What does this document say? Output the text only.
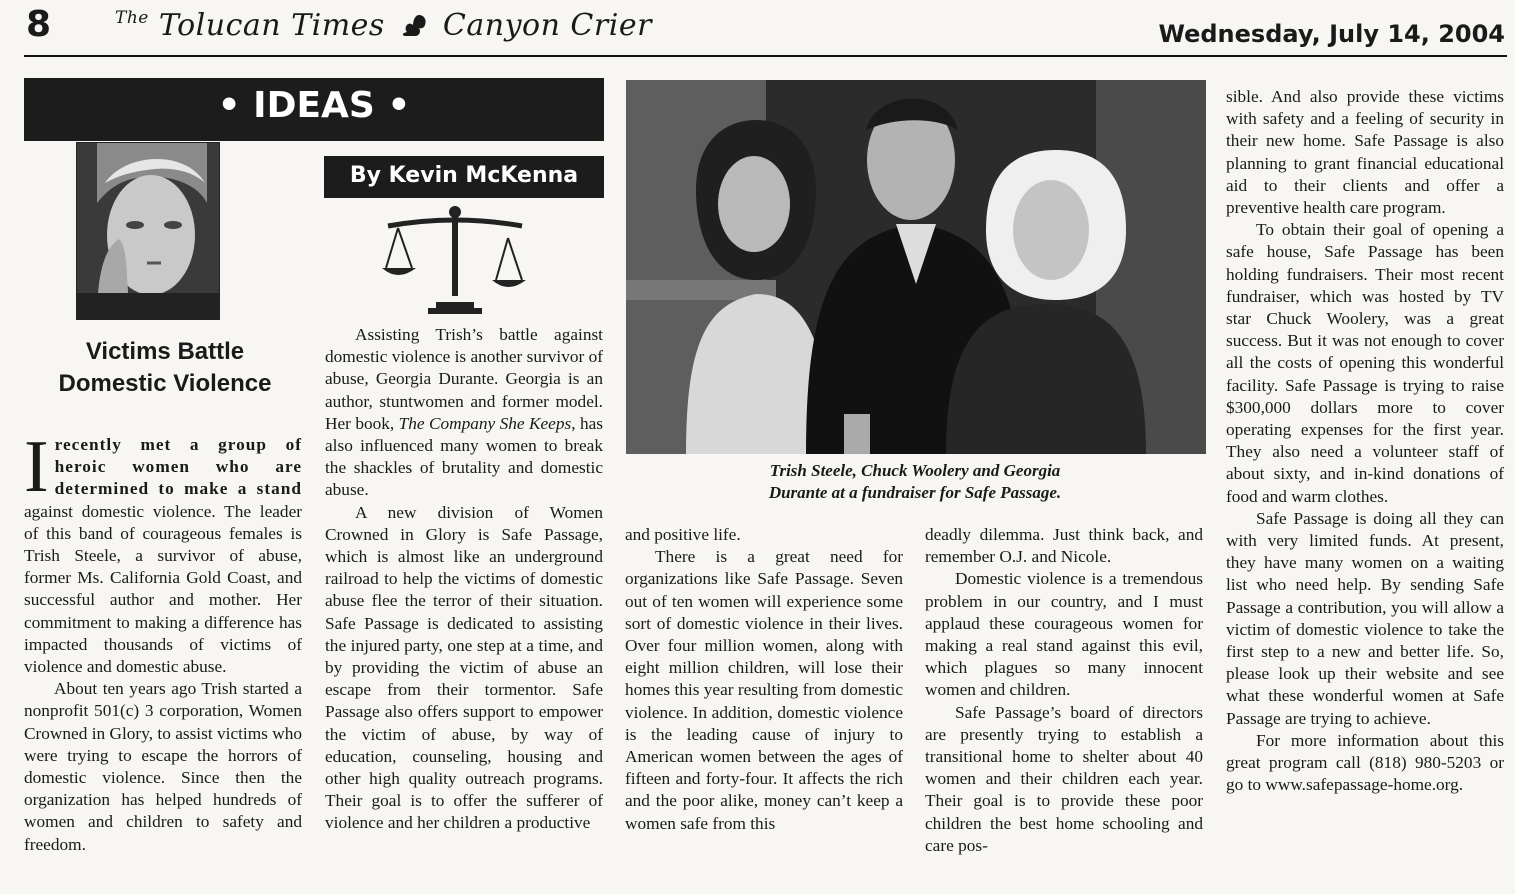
8	$^{The}$ Tolucan Times Canyon Crier	Wednesday, July 14, 2004
• IDEAS •
By Kevin McKenna
Victims Battle
Domestic Violence

Irecently met a group of heroic women who are determined to make a stand against domestic violence. The leader of this band of courageous females is Trish Steele, a survivor of abuse, former Ms. California Gold Coast, and successful author and mother. Her commitment to making a difference has impacted thousands of victims of violence and domestic abuse.

About ten years ago Trish started a nonprofit 501(c) 3 corporation, Women Crowned in Glory, to assist victims who were trying to escape the horrors of domestic violence. Since then the organization has helped hundreds of women and children to safety and freedom.

Assisting Trish’s battle against domestic violence is another survivor of abuse, Georgia Durante. Georgia is an author, stuntwomen and former model. Her book, The Company She Keeps, has also influenced many women to break the shackles of brutality and domestic abuse.

A new division of Women Crowned in Glory is Safe Passage, which is almost like an underground railroad to help the victims of domestic abuse flee the terror of their situation. Safe Passage is dedicated to assisting the injured party, one step at a time, and by providing the victim of abuse an escape from their tormentor. Safe Passage also offers support to empower the victim of abuse, by way of education, counseling, housing and other high quality outreach programs. Their goal is to offer the sufferer of violence and her children a productive

Trish Steele, Chuck Woolery and Georgia
Durante at a fundraiser for Safe Passage.

and positive life.

There is a great need for organizations like Safe Passage. Seven out of ten women will experience some sort of domestic violence in their lives. Over four million women, along with eight million children, will lose their homes this year resulting from domestic violence. In addition, domestic violence is the leading cause of injury to American women between the ages of fifteen and forty-four. It affects the rich and the poor alike, money can’t keep a women safe from this

deadly dilemma. Just think back, and remember O.J. and Nicole.

Domestic violence is a tremendous problem in our country, and I must applaud these courageous women for making a real stand against this evil, which plagues so many innocent women and children.

Safe Passage’s board of directors are presently trying to establish a transitional home to shelter about 40 women and their children each year. Their goal is to provide these poor children the best home schooling and care pos-

sible. And also provide these victims with safety and a feeling of security in their new home. Safe Passage is also planning to grant financial educational aid to their clients and offer a preventive health care program.

To obtain their goal of opening a safe house, Safe Passage has been holding fundraisers. Their most recent fundraiser, which was hosted by TV star Chuck Woolery, was a great success. But it was not enough to cover all the costs of opening this wonderful facility. Safe Passage is trying to raise $300,000 dollars more to cover operating expenses for the first year. They also need a volunteer staff of about sixty, and in-kind donations of food and warm clothes.

Safe Passage is doing all they can with very limited funds. At present, they have many women on a waiting list who need help. By sending Safe Passage a contribution, you will allow a victim of domestic violence to take the first step to a new and better life. So, please look up their website and see what these wonderful women at Safe Passage are trying to achieve.

For more information about this great program call (818) 980-5203 or go to www.safepassage-home.org.
